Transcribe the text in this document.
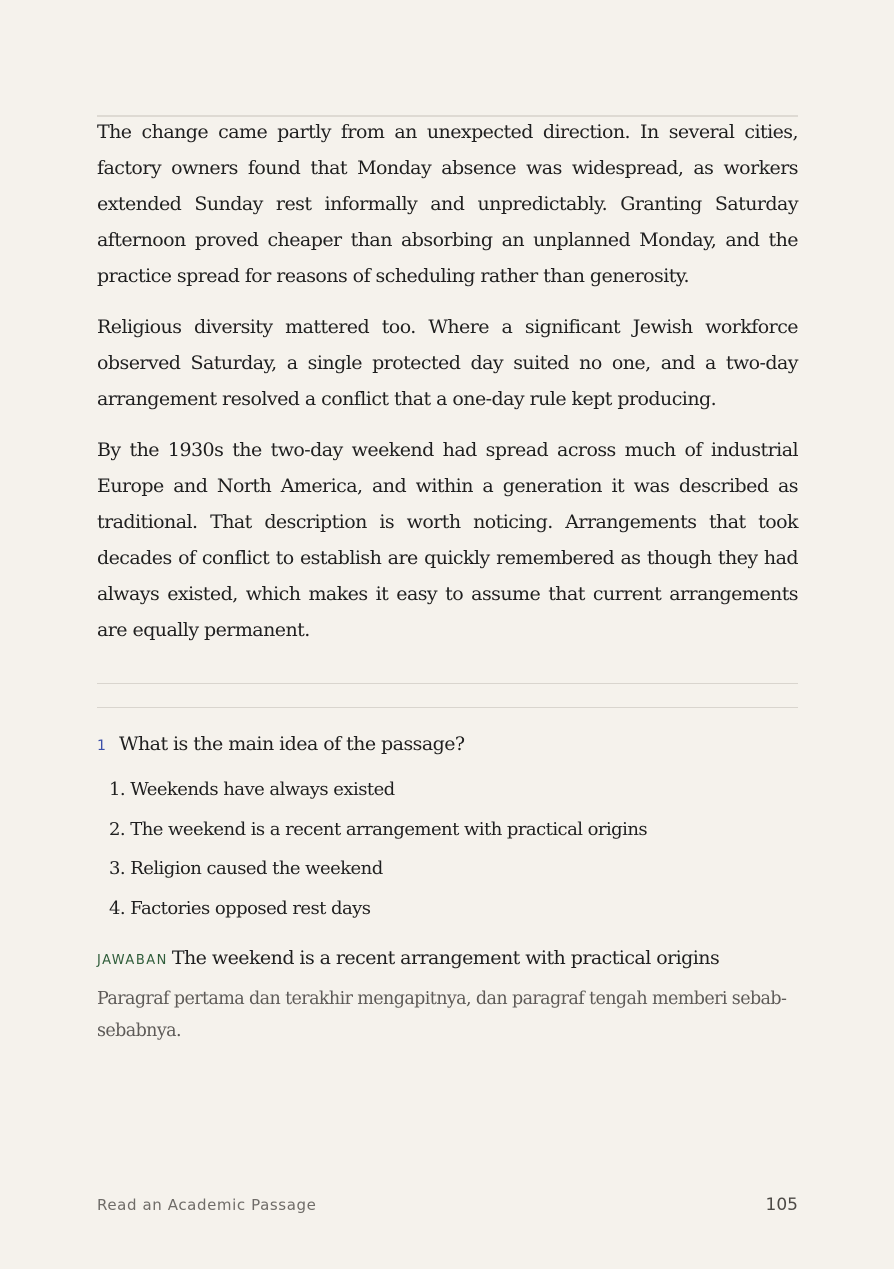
The change came partly from an unexpected direction. In several cities, factory owners found that Monday absence was widespread, as workers extended Sunday rest informally and unpredictably. Granting Saturday afternoon proved cheaper than absorbing an unplanned Monday, and the practice spread for reasons of scheduling rather than generosity.

Religious diversity mattered too. Where a significant Jewish workforce observed Saturday, a single protected day suited no one, and a two-day arrangement resolved a conflict that a one-day rule kept producing.

By the 1930s the two-day weekend had spread across much of industrial Europe and North America, and within a generation it was described as traditional. That description is worth noticing. Arrangements that took decades of conflict to establish are quickly remembered as though they had always existed, which makes it easy to assume that current arrangements are equally permanent.

1 What is the main idea of the passage?
1. Weekends have always existed
2. The weekend is a recent arrangement with practical origins
3. Religion caused the weekend
4. Factories opposed rest days
JAWABAN The weekend is a recent arrangement with practical origins
Paragraf pertama dan terakhir mengapitnya, dan paragraf tengah memberi sebab-sebabnya.
Read an Academic Passage	105
